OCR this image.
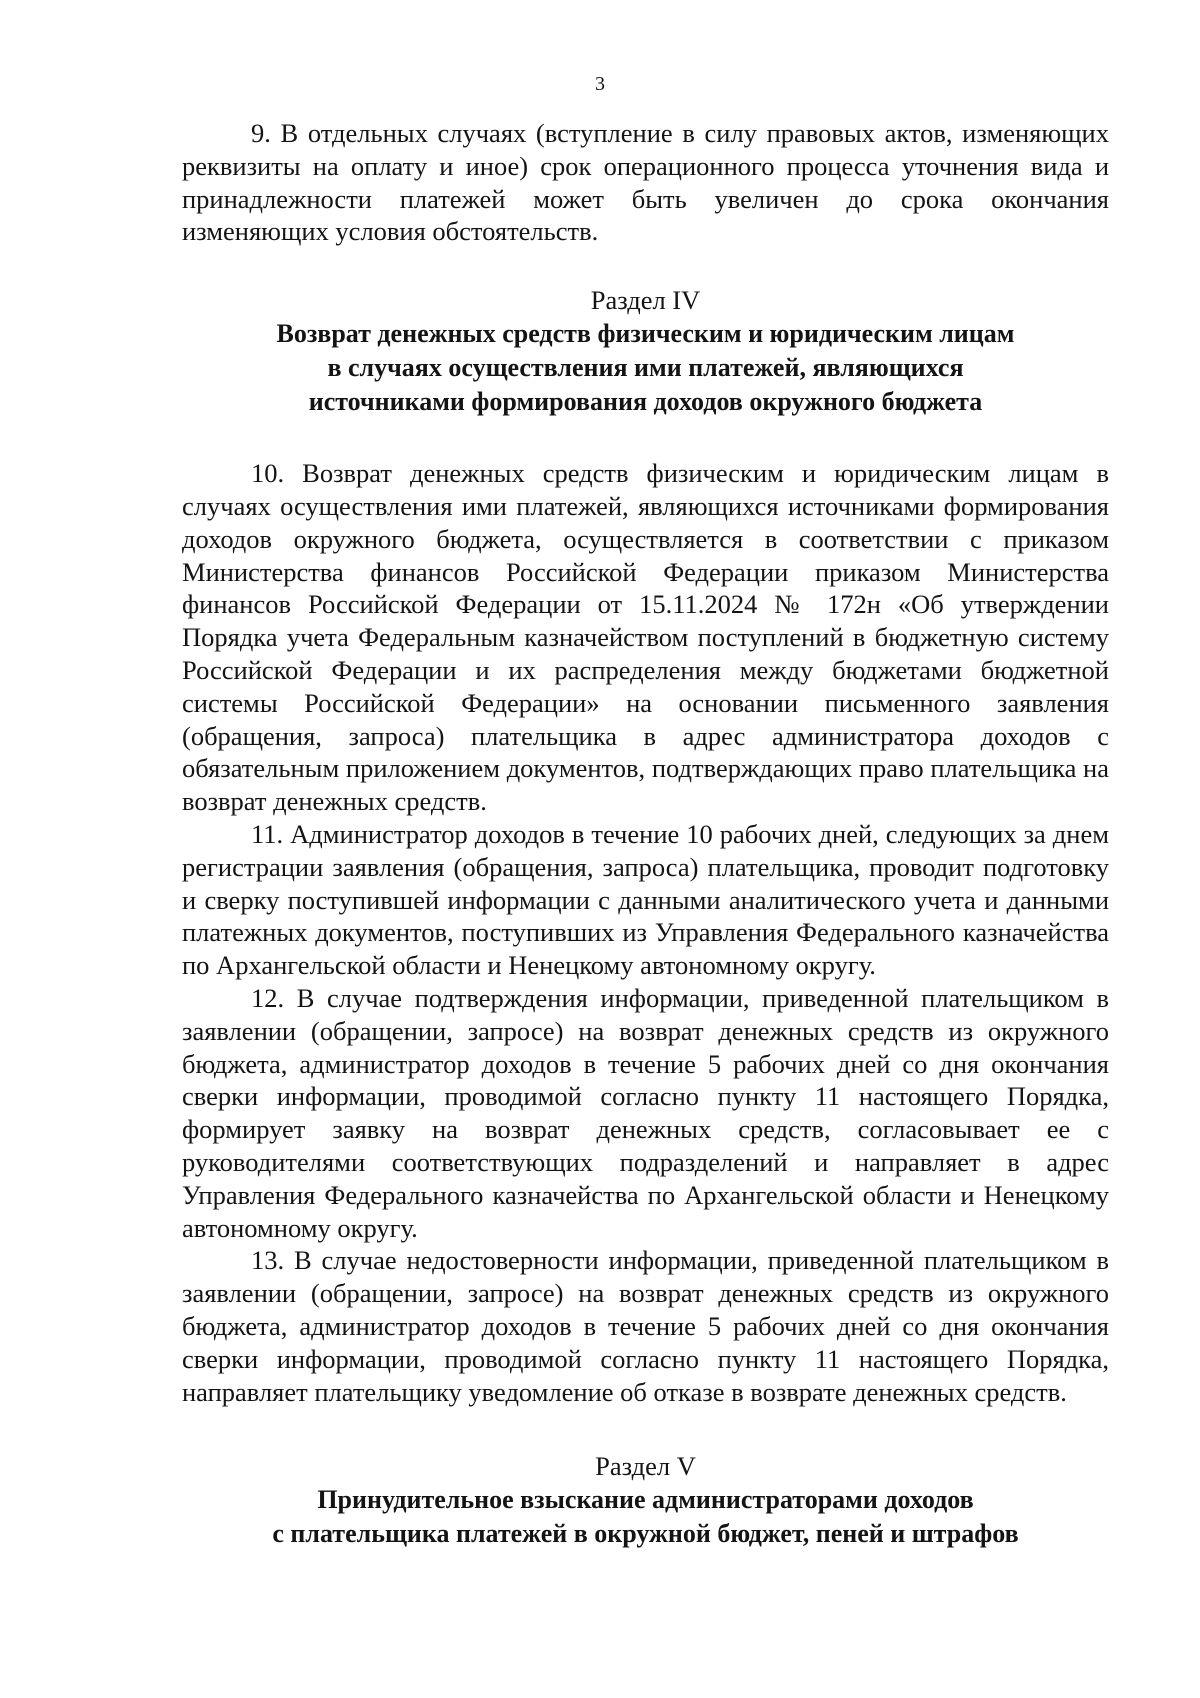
3

9. В отдельных случаях (вступление в силу правовых актов, изменяющих реквизиты на оплату и иное) срок операционного процесса уточнения вида и принадлежности платежей может быть увеличен до срока окончания изменяющих условия обстоятельств.

Раздел IV

Возврат денежных средств физическим и юридическим лицам
в случаях осуществления ими платежей, являющихся
источниками формирования доходов окружного бюджета

10. Возврат денежных средств физическим и юридическим лицам в случаях осуществления ими платежей, являющихся источниками формирования доходов окружного бюджета, осуществляется в соответствии с приказом Министерства финансов Российской Федерации приказом Министерства финансов Российской Федерации от 15.11.2024 № 172н «Об утверждении Порядка учета Федеральным казначейством поступлений в бюджетную систему Российской Федерации и их распределения между бюджетами бюджетной системы Российской Федерации» на основании письменного заявления (обращения, запроса) плательщика в адрес администратора доходов с обязательным приложением документов, подтверждающих право плательщика на возврат денежных средств.

11. Администратор доходов в течение 10 рабочих дней, следующих за днем регистрации заявления (обращения, запроса) плательщика, проводит подготовку и сверку поступившей информации с данными аналитического учета и данными платежных документов, поступивших из Управления Федерального казначейства по Архангельской области и Ненецкому автономному округу.

12. В случае подтверждения информации, приведенной плательщиком в заявлении (обращении, запросе) на возврат денежных средств из окружного бюджета, администратор доходов в течение 5 рабочих дней со дня окончания сверки информации, проводимой согласно пункту 11 настоящего Порядка, формирует заявку на возврат денежных средств, согласовывает ее с руководителями соответствующих подразделений и направляет в адрес Управления Федерального казначейства по Архангельской области и Ненецкому автономному округу.

13. В случае недостоверности информации, приведенной плательщиком в заявлении (обращении, запросе) на возврат денежных средств из окружного бюджета, администратор доходов в течение 5 рабочих дней со дня окончания сверки информации, проводимой согласно пункту 11 настоящего Порядка, направляет плательщику уведомление об отказе в возврате денежных средств.

Раздел V

Принудительное взыскание администраторами доходов
с плательщика платежей в окружной бюджет, пеней и штрафов
